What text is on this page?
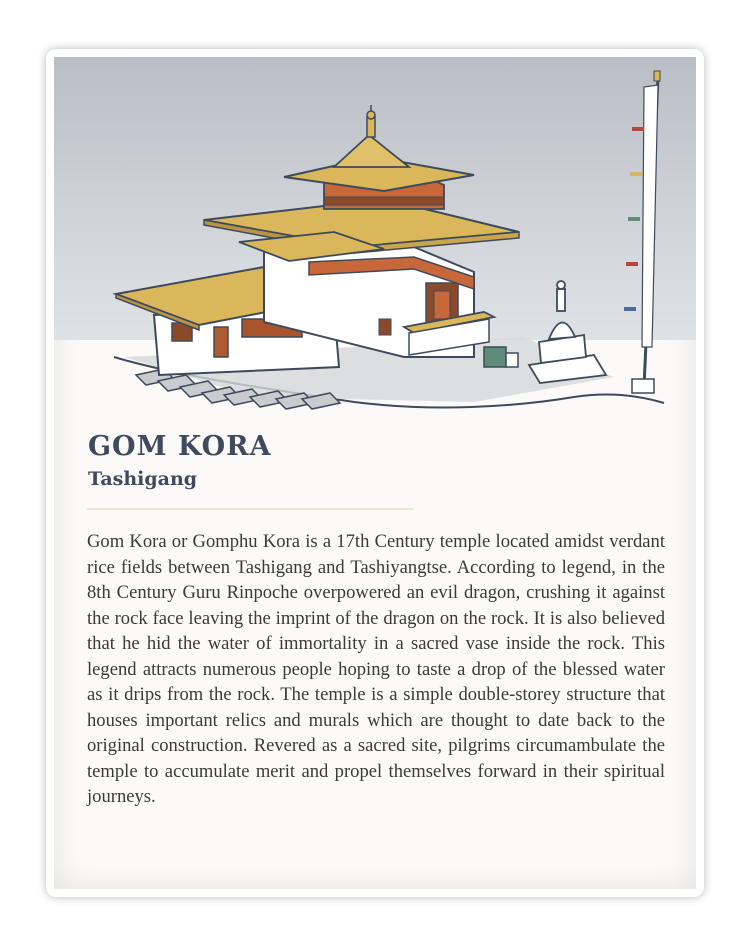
GOM KORA
Tashigang

Gom Kora or Gomphu Kora is a 17th Century temple located amidst verdant rice fields between Tashigang and Tashiyangtse. According to legend, in the 8th Century Guru Rinpoche overpowered an evil dragon, crushing it against the rock face leaving the imprint of the dragon on the rock. It is also believed that he hid the water of immortality in a sacred vase inside the rock. This legend attracts numerous people hoping to taste a drop of the blessed water as it drips from the rock. The temple is a simple double-storey structure that houses important relics and murals which are thought to date back to the original construction. Revered as a sacred site, pilgrims circumambulate the temple to accumulate merit and propel themselves forward in their spiritual journeys.
